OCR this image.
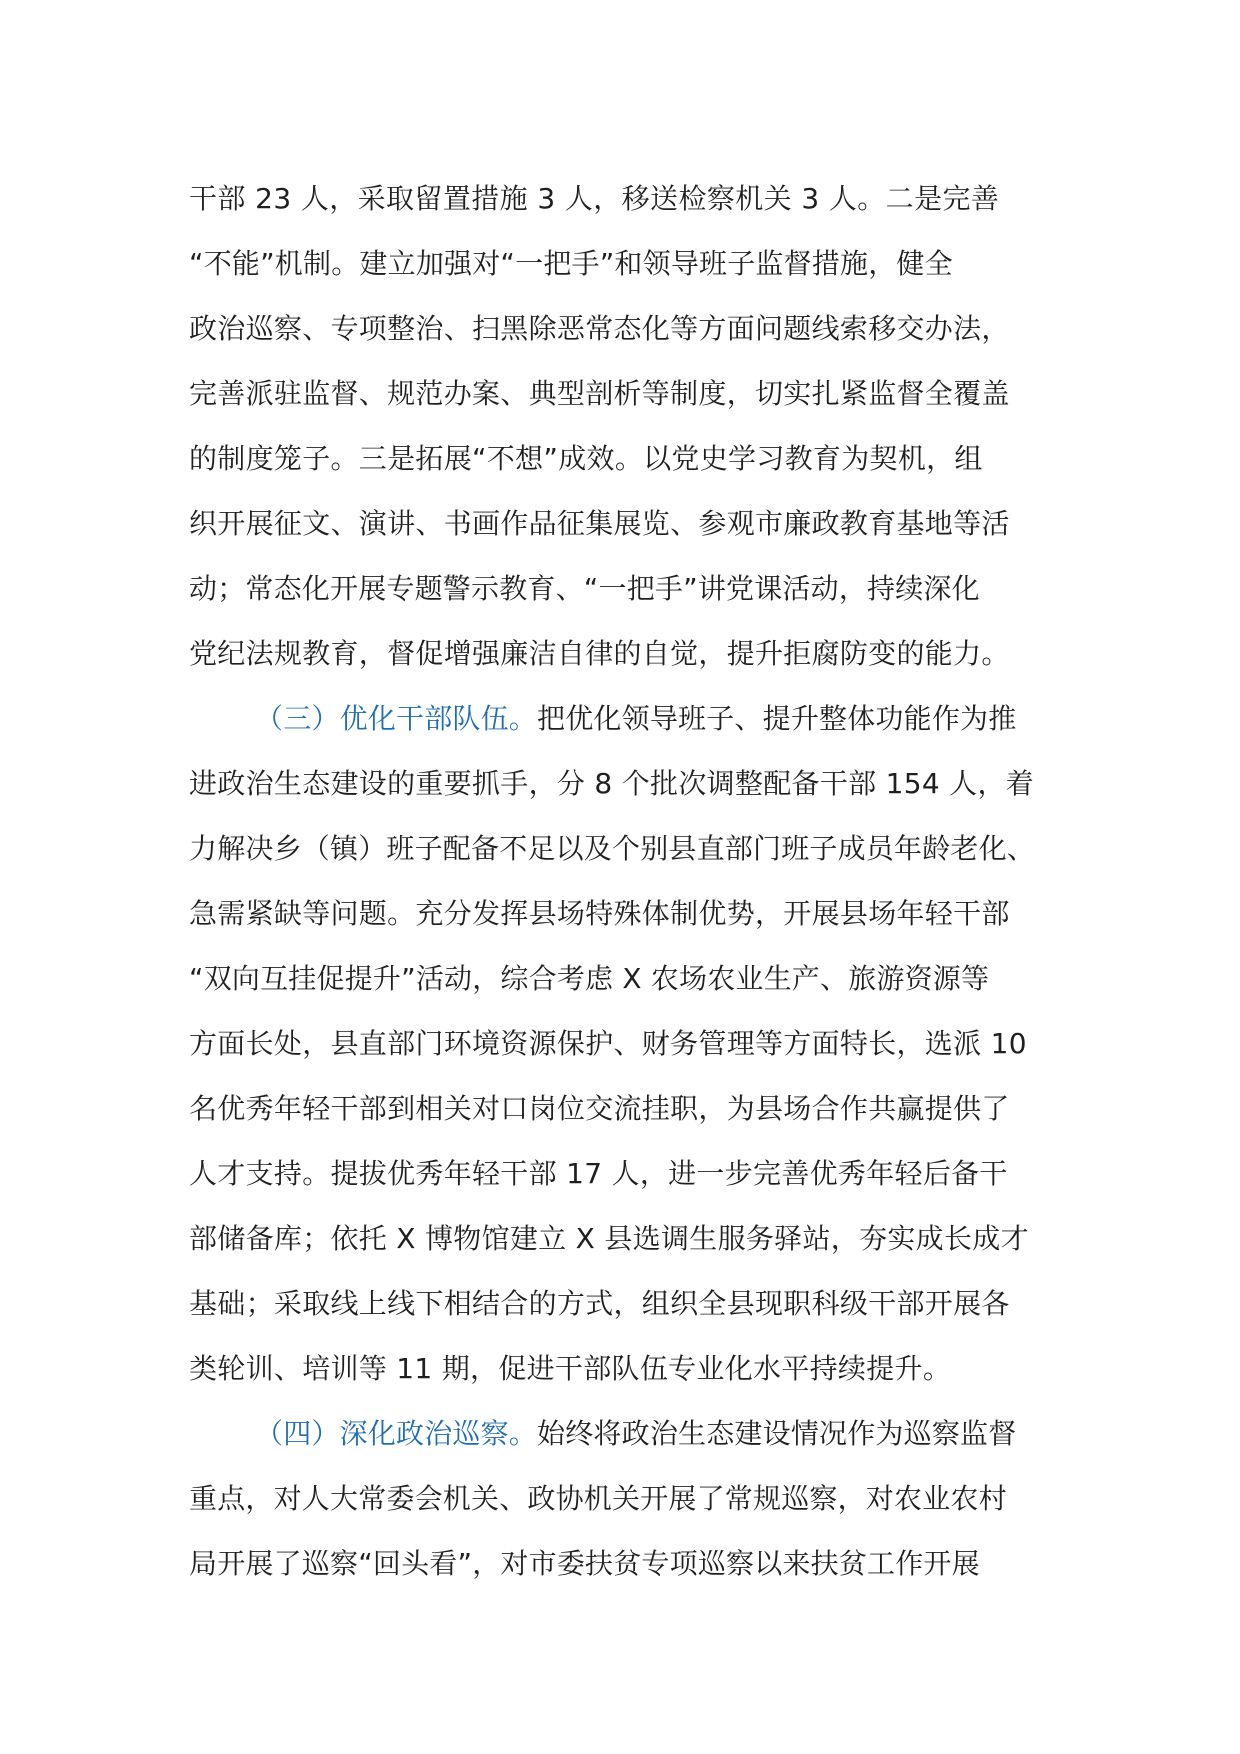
干部 23 人，采取留置措施 3 人，移送检察机关 3 人。二是完善
“不能”机制。建立加强对“一把手”和领导班子监督措施，健全
政治巡察、专项整治、扫黑除恶常态化等方面问题线索移交办法，
完善派驻监督、规范办案、典型剖析等制度，切实扎紧监督全覆盖
的制度笼子。三是拓展“不想”成效。以党史学习教育为契机，组
织开展征文、演讲、书画作品征集展览、参观市廉政教育基地等活
动；常态化开展专题警示教育、“一把手”讲党课活动，持续深化
党纪法规教育，督促增强廉洁自律的自觉，提升拒腐防变的能力。
（三）优化干部队伍。把优化领导班子、提升整体功能作为推
进政治生态建设的重要抓手，分 8 个批次调整配备干部 154 人，着
力解决乡（镇）班子配备不足以及个别县直部门班子成员年龄老化、
急需紧缺等问题。充分发挥县场特殊体制优势，开展县场年轻干部
“双向互挂促提升”活动，综合考虑 X 农场农业生产、旅游资源等
方面长处，县直部门环境资源保护、财务管理等方面特长，选派 10
名优秀年轻干部到相关对口岗位交流挂职，为县场合作共赢提供了
人才支持。提拔优秀年轻干部 17 人，进一步完善优秀年轻后备干
部储备库；依托 X 博物馆建立 X 县选调生服务驿站，夯实成长成才
基础；采取线上线下相结合的方式，组织全县现职科级干部开展各
类轮训、培训等 11 期，促进干部队伍专业化水平持续提升。
（四）深化政治巡察。始终将政治生态建设情况作为巡察监督
重点，对人大常委会机关、政协机关开展了常规巡察，对农业农村
局开展了巡察“回头看”，对市委扶贫专项巡察以来扶贫工作开展
